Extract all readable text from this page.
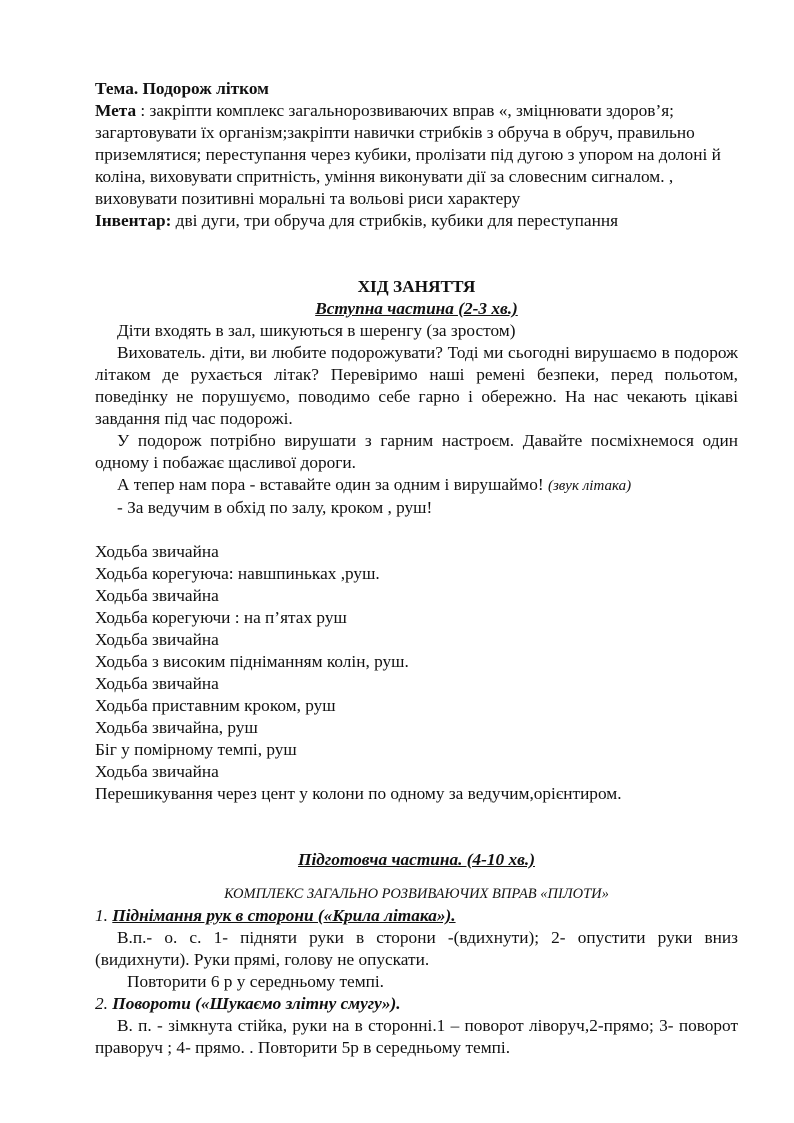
Тема. Подорож літком

Мета : закріпти комплекс загальнорозвиваючих вправ «, зміцнювати здоров’я; загартовувати їх організм;закріпти навички стрибків з обруча в обруч, правильно приземлятися; переступання через кубики, пролізати під дугою з упором на долоні й коліна, виховувати спритність, уміння виконувати дії за словесним сигналом. , виховувати позитивні моральні та вольові риси характеру

Інвентар: дві дуги, три обруча для стрибків, кубики для переступання

ХІД ЗАНЯТТЯ

Вступна частина (2-3 хв.)

Діти входять в зал, шикуються в шеренгу (за зростом)

Вихователь. діти, ви любите подорожувати? Тоді ми сьогодні вирушаємо в подорож літаком де рухається літак? Перевіримо наші ремені безпеки, перед польотом, поведінку не порушуємо, поводимо себе гарно і обережно. На нас чекають цікаві завдання під час подорожі.

У подорож потрібно вирушати з гарним настроєм. Давайте посміхнемося один одному і побажає щасливої дороги.

А тепер нам пора - вставайте один за одним і вирушаймо! (звук літака)

- За ведучим в обхід по залу, кроком , руш!

Ходьба звичайна
Ходьба корегуюча: навшпиньках ,руш.
Ходьба звичайна
Ходьба корегуючи : на п’ятах руш
Ходьба звичайна
Ходьба з високим підніманням колін, руш.
Ходьба звичайна
Ходьба приставним кроком, руш
Ходьба звичайна, руш
Біг у помірному темпі, руш
Ходьба звичайна
Перешикування через цент у колони по одному за ведучим,орієнтиром.

Підготовча частина. (4-10 хв.)

КОМПЛЕКС ЗАГАЛЬНО РОЗВИВАЮЧИХ ВПРАВ «ПІЛОТИ»

1. Піднімання рук в сторони («Крила літака»).

В.п.- о. с. 1- підняти руки в сторони -(вдихнути); 2- опустити руки вниз (видихнути). Руки прямі, голову не опускати.

Повторити 6 р у середньому темпі.

2. Повороти («Шукаємо злітну смугу»).

В. п. - зімкнута стійка, руки на в сторонні.1 – поворот ліворуч,2-прямо; 3- поворот праворуч ; 4- прямо. . Повторити 5р в середньому темпі.
